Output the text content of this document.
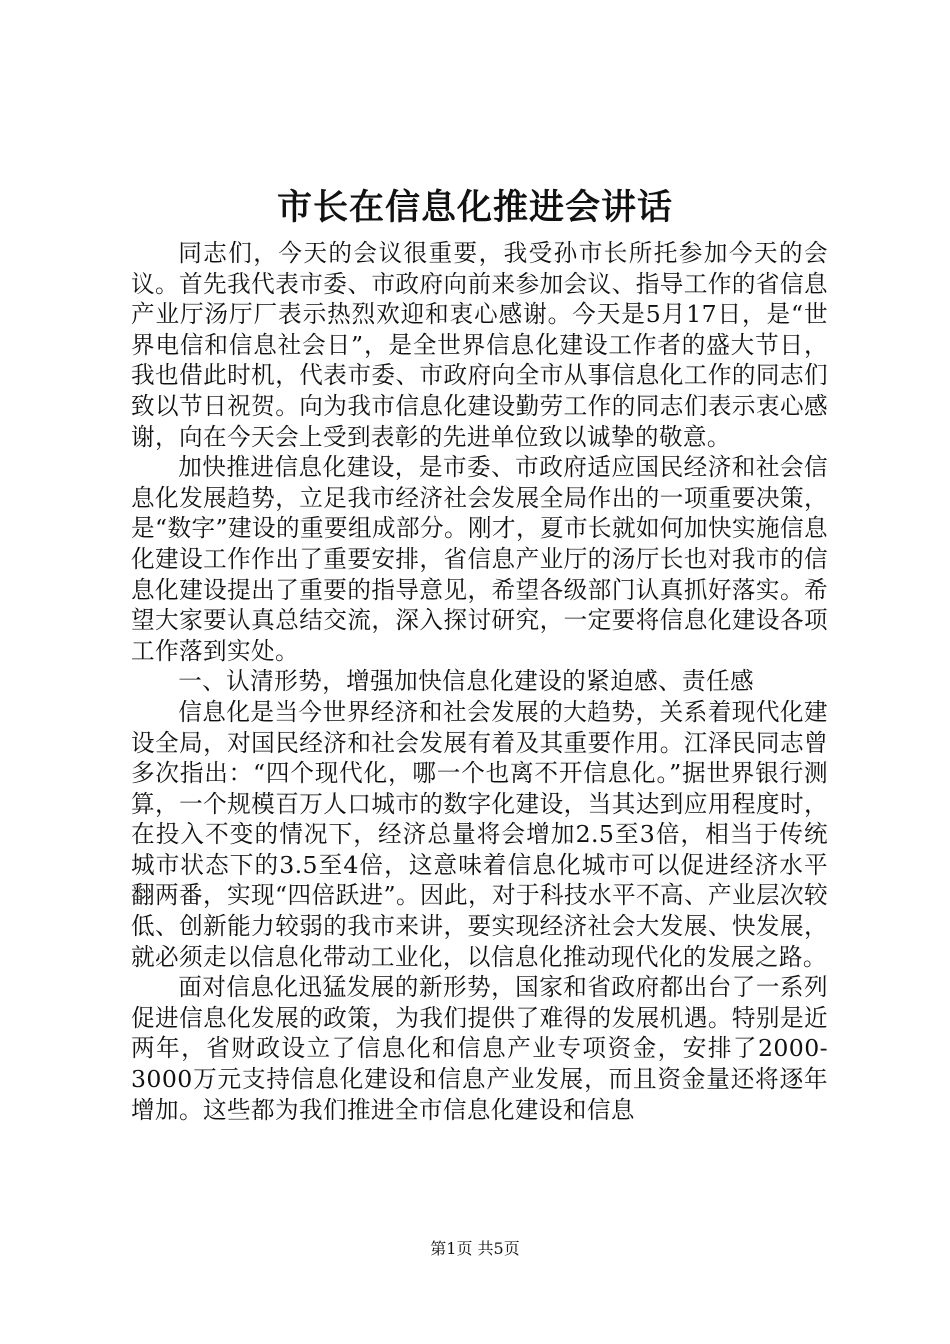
市长在信息化推进会讲话

同志们，今天的会议很重要，我受孙市长所托参加今天的会议。首先我代表市委、市政府向前来参加会议、指导工作的省信息产业厅汤厅厂表示热烈欢迎和衷心感谢。今天是5月17日，是“世界电信和信息社会日”，是全世界信息化建设工作者的盛大节日，我也借此时机，代表市委、市政府向全市从事信息化工作的同志们致以节日祝贺。向为我市信息化建设勤劳工作的同志们表示衷心感谢，向在今天会上受到表彰的先进单位致以诚挚的敬意。

加快推进信息化建设，是市委、市政府适应国民经济和社会信息化发展趋势，立足我市经济社会发展全局作出的一项重要决策，是“数字”建设的重要组成部分。刚才，夏市长就如何加快实施信息化建设工作作出了重要安排，省信息产业厅的汤厅长也对我市的信息化建设提出了重要的指导意见，希望各级部门认真抓好落实。希望大家要认真总结交流，深入探讨研究，一定要将信息化建设各项工作落到实处。

一、认清形势，增强加快信息化建设的紧迫感、责任感

信息化是当今世界经济和社会发展的大趋势，关系着现代化建设全局，对国民经济和社会发展有着及其重要作用。江泽民同志曾多次指出：“四个现代化，哪一个也离不开信息化。”据世界银行测算，一个规模百万人口城市的数字化建设，当其达到应用程度时，在投入不变的情况下，经济总量将会增加2.5至3倍，相当于传统城市状态下的3.5至4倍，这意味着信息化城市可以促进经济水平翻两番，实现“四倍跃进”。因此，对于科技水平不高、产业层次较低、创新能力较弱的我市来讲，要实现经济社会大发展、快发展，就必须走以信息化带动工业化，以信息化推动现代化的发展之路。

面对信息化迅猛发展的新形势，国家和省政府都出台了一系列促进信息化发展的政策，为我们提供了难得的发展机遇。特别是近两年，省财政设立了信息化和信息产业专项资金，安排了2000-3000万元支持信息化建设和信息产业发展，而且资金量还将逐年增加。这些都为我们推进全市信息化建设和信息

第1页 共5页
